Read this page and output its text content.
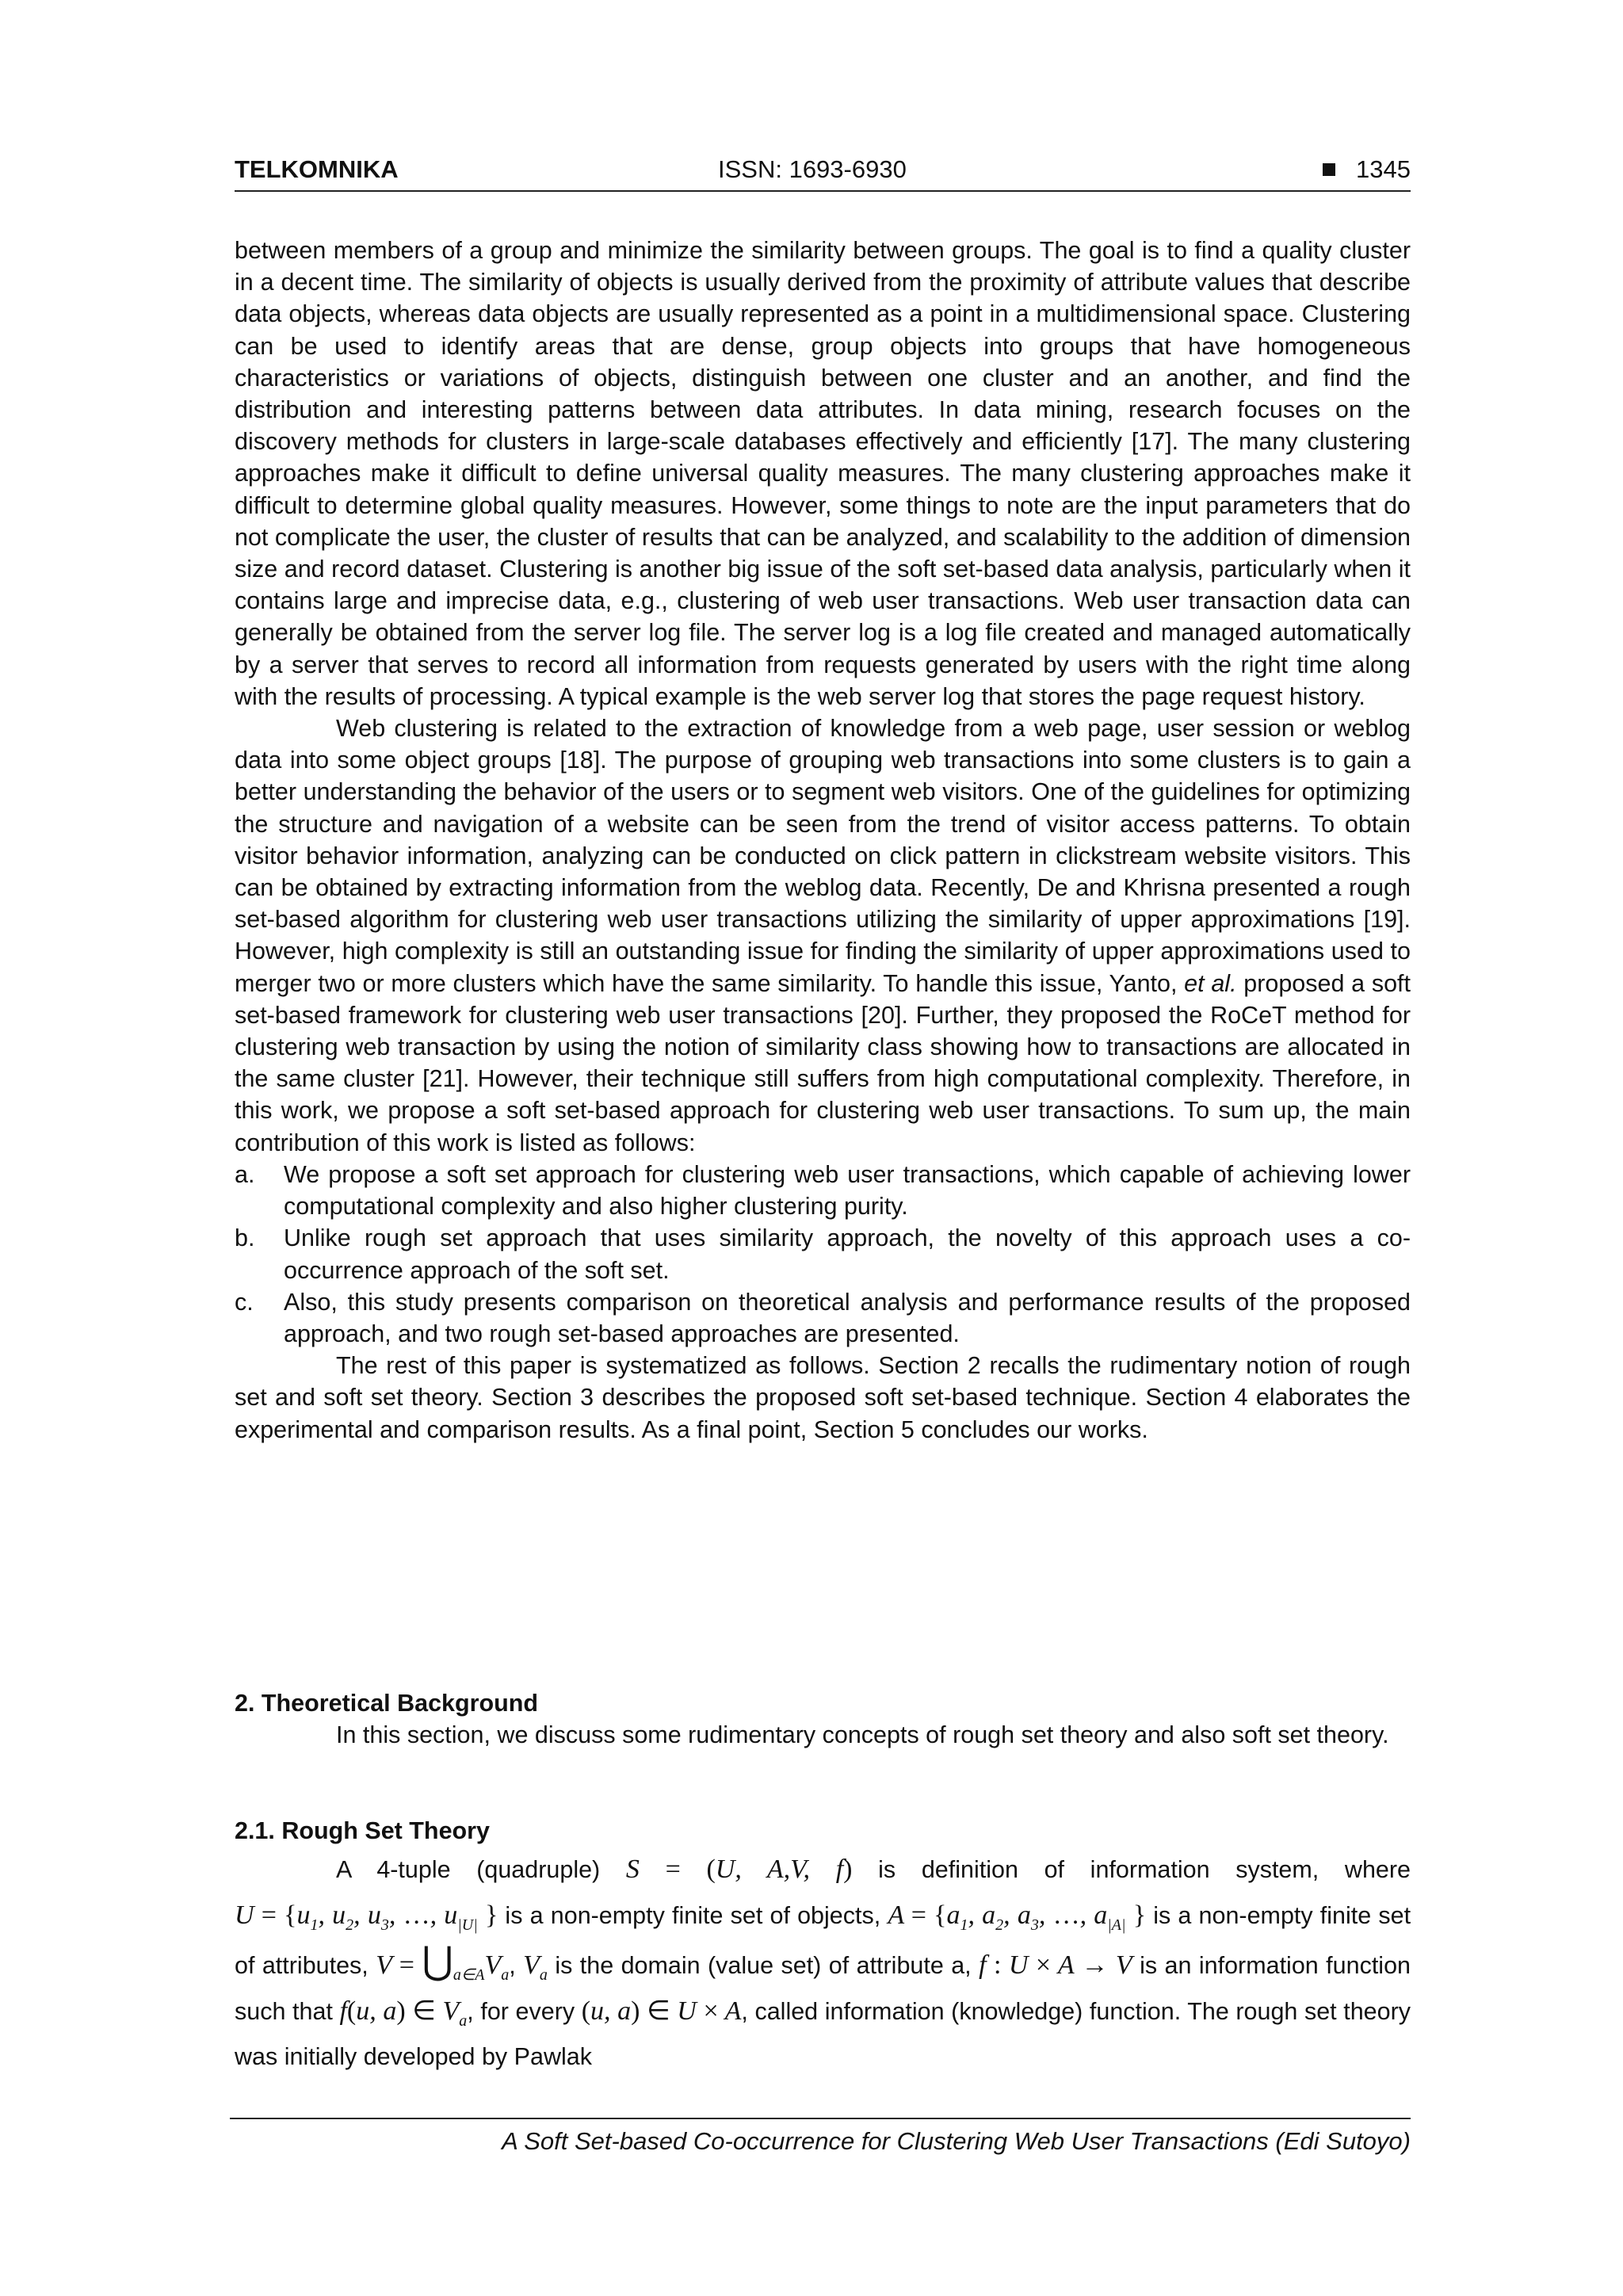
TELKOMNIKA	ISSN: 1693-6930	1345

between members of a group and minimize the similarity between groups. The goal is to find a quality cluster in a decent time. The similarity of objects is usually derived from the proximity of attribute values that describe data objects, whereas data objects are usually represented as a point in a multidimensional space. Clustering can be used to identify areas that are dense, group objects into groups that have homogeneous characteristics or variations of objects, distinguish between one cluster and an another, and find the distribution and interesting patterns between data attributes. In data mining, research focuses on the discovery methods for clusters in large-scale databases effectively and efficiently [17]. The many clustering approaches make it difficult to define universal quality measures. The many clustering approaches make it difficult to determine global quality measures. However, some things to note are the input parameters that do not complicate the user, the cluster of results that can be analyzed, and scalability to the addition of dimension size and record dataset. Clustering is another big issue of the soft set-based data analysis, particularly when it contains large and imprecise data, e.g., clustering of web user transactions. Web user transaction data can generally be obtained from the server log file. The server log is a log file created and managed automatically by a server that serves to record all information from requests generated by users with the right time along with the results of processing. A typical example is the web server log that stores the page request history.

Web clustering is related to the extraction of knowledge from a web page, user session or weblog data into some object groups [18]. The purpose of grouping web transactions into some clusters is to gain a better understanding the behavior of the users or to segment web visitors. One of the guidelines for optimizing the structure and navigation of a website can be seen from the trend of visitor access patterns. To obtain visitor behavior information, analyzing can be conducted on click pattern in clickstream website visitors. This can be obtained by extracting information from the weblog data. Recently, De and Khrisna presented a rough set-based algorithm for clustering web user transactions utilizing the similarity of upper approximations [19]. However, high complexity is still an outstanding issue for finding the similarity of upper approximations used to merger two or more clusters which have the same similarity. To handle this issue, Yanto, et al. proposed a soft set-based framework for clustering web user transactions [20]. Further, they proposed the RoCeT method for clustering web transaction by using the notion of similarity class showing how to transactions are allocated in the same cluster [21]. However, their technique still suffers from high computational complexity. Therefore, in this work, we propose a soft set-based approach for clustering web user transactions. To sum up, the main contribution of this work is listed as follows:

a. We propose a soft set approach for clustering web user transactions, which capable of achieving lower computational complexity and also higher clustering purity.
b. Unlike rough set approach that uses similarity approach, the novelty of this approach uses a co-occurrence approach of the soft set.
c. Also, this study presents comparison on theoretical analysis and performance results of the proposed approach, and two rough set-based approaches are presented.

The rest of this paper is systematized as follows. Section 2 recalls the rudimentary notion of rough set and soft set theory. Section 3 describes the proposed soft set-based technique. Section 4 elaborates the experimental and comparison results. As a final point, Section 5 concludes our works.

2. Theoretical Background

In this section, we discuss some rudimentary concepts of rough set theory and also soft set theory.

2.1. Rough Set Theory

A 4-tuple (quadruple) S = (U, A,V, f) is definition of information system, where $U = \{u_1$, $u_2$, $u_3$, …, $u_{|U|}$ } is a non-empty finite set of objects, $A = \{a_1$, $a_2$, $a_3$, …, $a_{|A|}$ } is a non-empty finite set of attributes, $V = ⋃_{a\in A}V_a$, $V_a$ is the domain (value set) of attribute a, f : U × A → V is an information function such that f(u, a) ∈ $V_a$, for every (u, a) ∈ U × A, called information (knowledge) function. The rough set theory was initially developed by Pawlak

A Soft Set-based Co-occurrence for Clustering Web User Transactions (Edi Sutoyo)
